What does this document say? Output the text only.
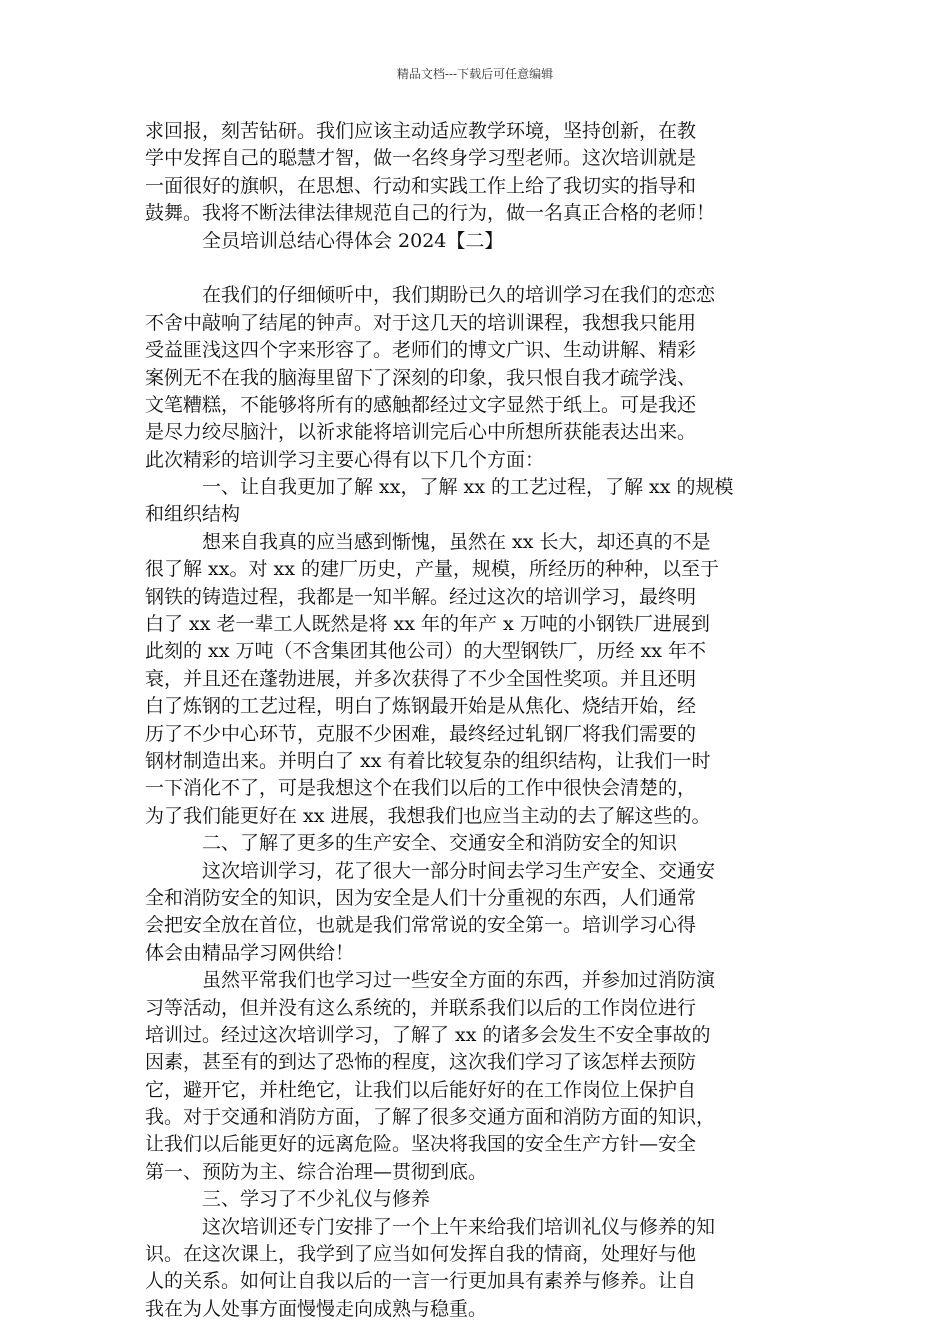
精品文档---下载后可任意编辑
求回报，刻苦钻研。我们应该主动适应教学环境，坚持创新，在教
学中发挥自己的聪慧才智，做一名终身学习型老师。这次培训就是
一面很好的旗帜，在思想、行动和实践工作上给了我切实的指导和
鼓舞。我将不断法律法律规范自己的行为，做一名真正合格的老师！
全员培训总结心得体会 2024【二】
在我们的仔细倾听中，我们期盼已久的培训学习在我们的恋恋
不舍中敲响了结尾的钟声。对于这几天的培训课程，我想我只能用
受益匪浅这四个字来形容了。老师们的博文广识、生动讲解、精彩
案例无不在我的脑海里留下了深刻的印象，我只恨自我才疏学浅、
文笔糟糕，不能够将所有的感触都经过文字显然于纸上。可是我还
是尽力绞尽脑汁，以祈求能将培训完后心中所想所获能表达出来。
此次精彩的培训学习主要心得有以下几个方面：
一、让自我更加了解 xx，了解 xx 的工艺过程，了解 xx 的规模
和组织结构
想来自我真的应当感到惭愧，虽然在 xx 长大，却还真的不是
很了解 xx。对 xx 的建厂历史，产量，规模，所经历的种种，以至于
钢铁的铸造过程，我都是一知半解。经过这次的培训学习，最终明
白了 xx 老一辈工人既然是将 xx 年的年产 x 万吨的小钢铁厂进展到
此刻的 xx 万吨（不含集团其他公司）的大型钢铁厂，历经 xx 年不
衰，并且还在蓬勃进展，并多次获得了不少全国性奖项。并且还明
白了炼钢的工艺过程，明白了炼钢最开始是从焦化、烧结开始，经
历了不少中心环节，克服不少困难，最终经过轧钢厂将我们需要的
钢材制造出来。并明白了 xx 有着比较复杂的组织结构，让我们一时
一下消化不了，可是我想这个在我们以后的工作中很快会清楚的，
为了我们能更好在 xx 进展，我想我们也应当主动的去了解这些的。
二、了解了更多的生产安全、交通安全和消防安全的知识
这次培训学习，花了很大一部分时间去学习生产安全、交通安
全和消防安全的知识，因为安全是人们十分重视的东西，人们通常
会把安全放在首位，也就是我们常常说的安全第一。培训学习心得
体会由精品学习网供给！
虽然平常我们也学习过一些安全方面的东西，并参加过消防演
习等活动，但并没有这么系统的，并联系我们以后的工作岗位进行
培训过。经过这次培训学习，了解了 xx 的诸多会发生不安全事故的
因素，甚至有的到达了恐怖的程度，这次我们学习了该怎样去预防
它，避开它，并杜绝它，让我们以后能好好的在工作岗位上保护自
我。对于交通和消防方面，了解了很多交通方面和消防方面的知识，
让我们以后能更好的远离危险。坚决将我国的安全生产方针—安全
第一、预防为主、综合治理—贯彻到底。
三、学习了不少礼仪与修养
这次培训还专门安排了一个上午来给我们培训礼仪与修养的知
识。在这次课上，我学到了应当如何发挥自我的情商，处理好与他
人的关系。如何让自我以后的一言一行更加具有素养与修养。让自
我在为人处事方面慢慢走向成熟与稳重。
